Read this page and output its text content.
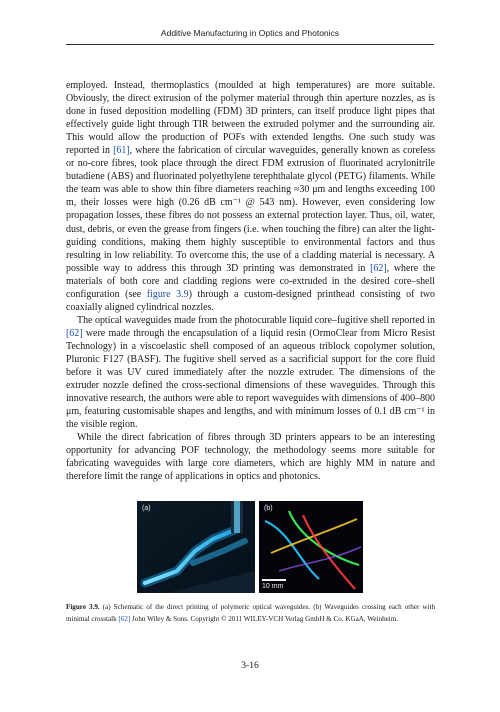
Additive Manufacturing in Optics and Photonics

employed. Instead, thermoplastics (moulded at high temperatures) are more suitable. Obviously, the direct extrusion of the polymer material through thin aperture nozzles, as is done in fused deposition modelling (FDM) 3D printers, can itself produce light pipes that effectively guide light through TIR between the extruded polymer and the surrounding air. This would allow the production of POFs with extended lengths. One such study was reported in [61], where the fabrication of circular waveguides, generally known as coreless or no-core fibres, took place through the direct FDM extrusion of fluorinated acrylonitrile butadiene (ABS) and fluorinated polyethylene terephthalate glycol (PETG) filaments. While the team was able to show thin fibre diameters reaching ≈30 μm and lengths exceeding 100 m, their losses were high (0.26 dB cm⁻¹ @ 543 nm). However, even considering low propagation losses, these fibres do not possess an external protection layer. Thus, oil, water, dust, debris, or even the grease from fingers (i.e. when touching the fibre) can alter the light-guiding conditions, making them highly susceptible to environmental factors and thus resulting in low reliability. To overcome this, the use of a cladding material is necessary. A possible way to address this through 3D printing was demonstrated in [62], where the materials of both core and cladding regions were co-extruded in the desired core–shell configuration (see figure 3.9) through a custom-designed printhead consisting of two coaxially aligned cylindrical nozzles.

The optical waveguides made from the photocurable liquid core–fugitive shell reported in [62] were made through the encapsulation of a liquid resin (OrmoClear from Micro Resist Technology) in a viscoelastic shell composed of an aqueous triblock copolymer solution, Pluronic F127 (BASF). The fugitive shell served as a sacrificial support for the core fluid before it was UV cured immediately after the nozzle extruder. The dimensions of the extruder nozzle defined the cross-sectional dimensions of these waveguides. Through this innovative research, the authors were able to report waveguides with dimensions of 400–800 μm, featuring customisable shapes and lengths, and with minimum losses of 0.1 dB cm⁻¹ in the visible region.

While the direct fabrication of fibres through 3D printers appears to be an interesting opportunity for advancing POF technology, the methodology seems more suitable for fabricating waveguides with large core diameters, which are highly MM in nature and therefore limit the range of applications in optics and photonics.

(a)	(b)
10 mm
Figure 3.9. (a) Schematic of the direct printing of polymeric optical waveguides. (b) Waveguides crossing each other with minimal crosstalk [62] John Wiley & Sons. Copyright © 2011 WILEY-VCH Verlag GmbH & Co. KGaA, Weinheim.
3-16
